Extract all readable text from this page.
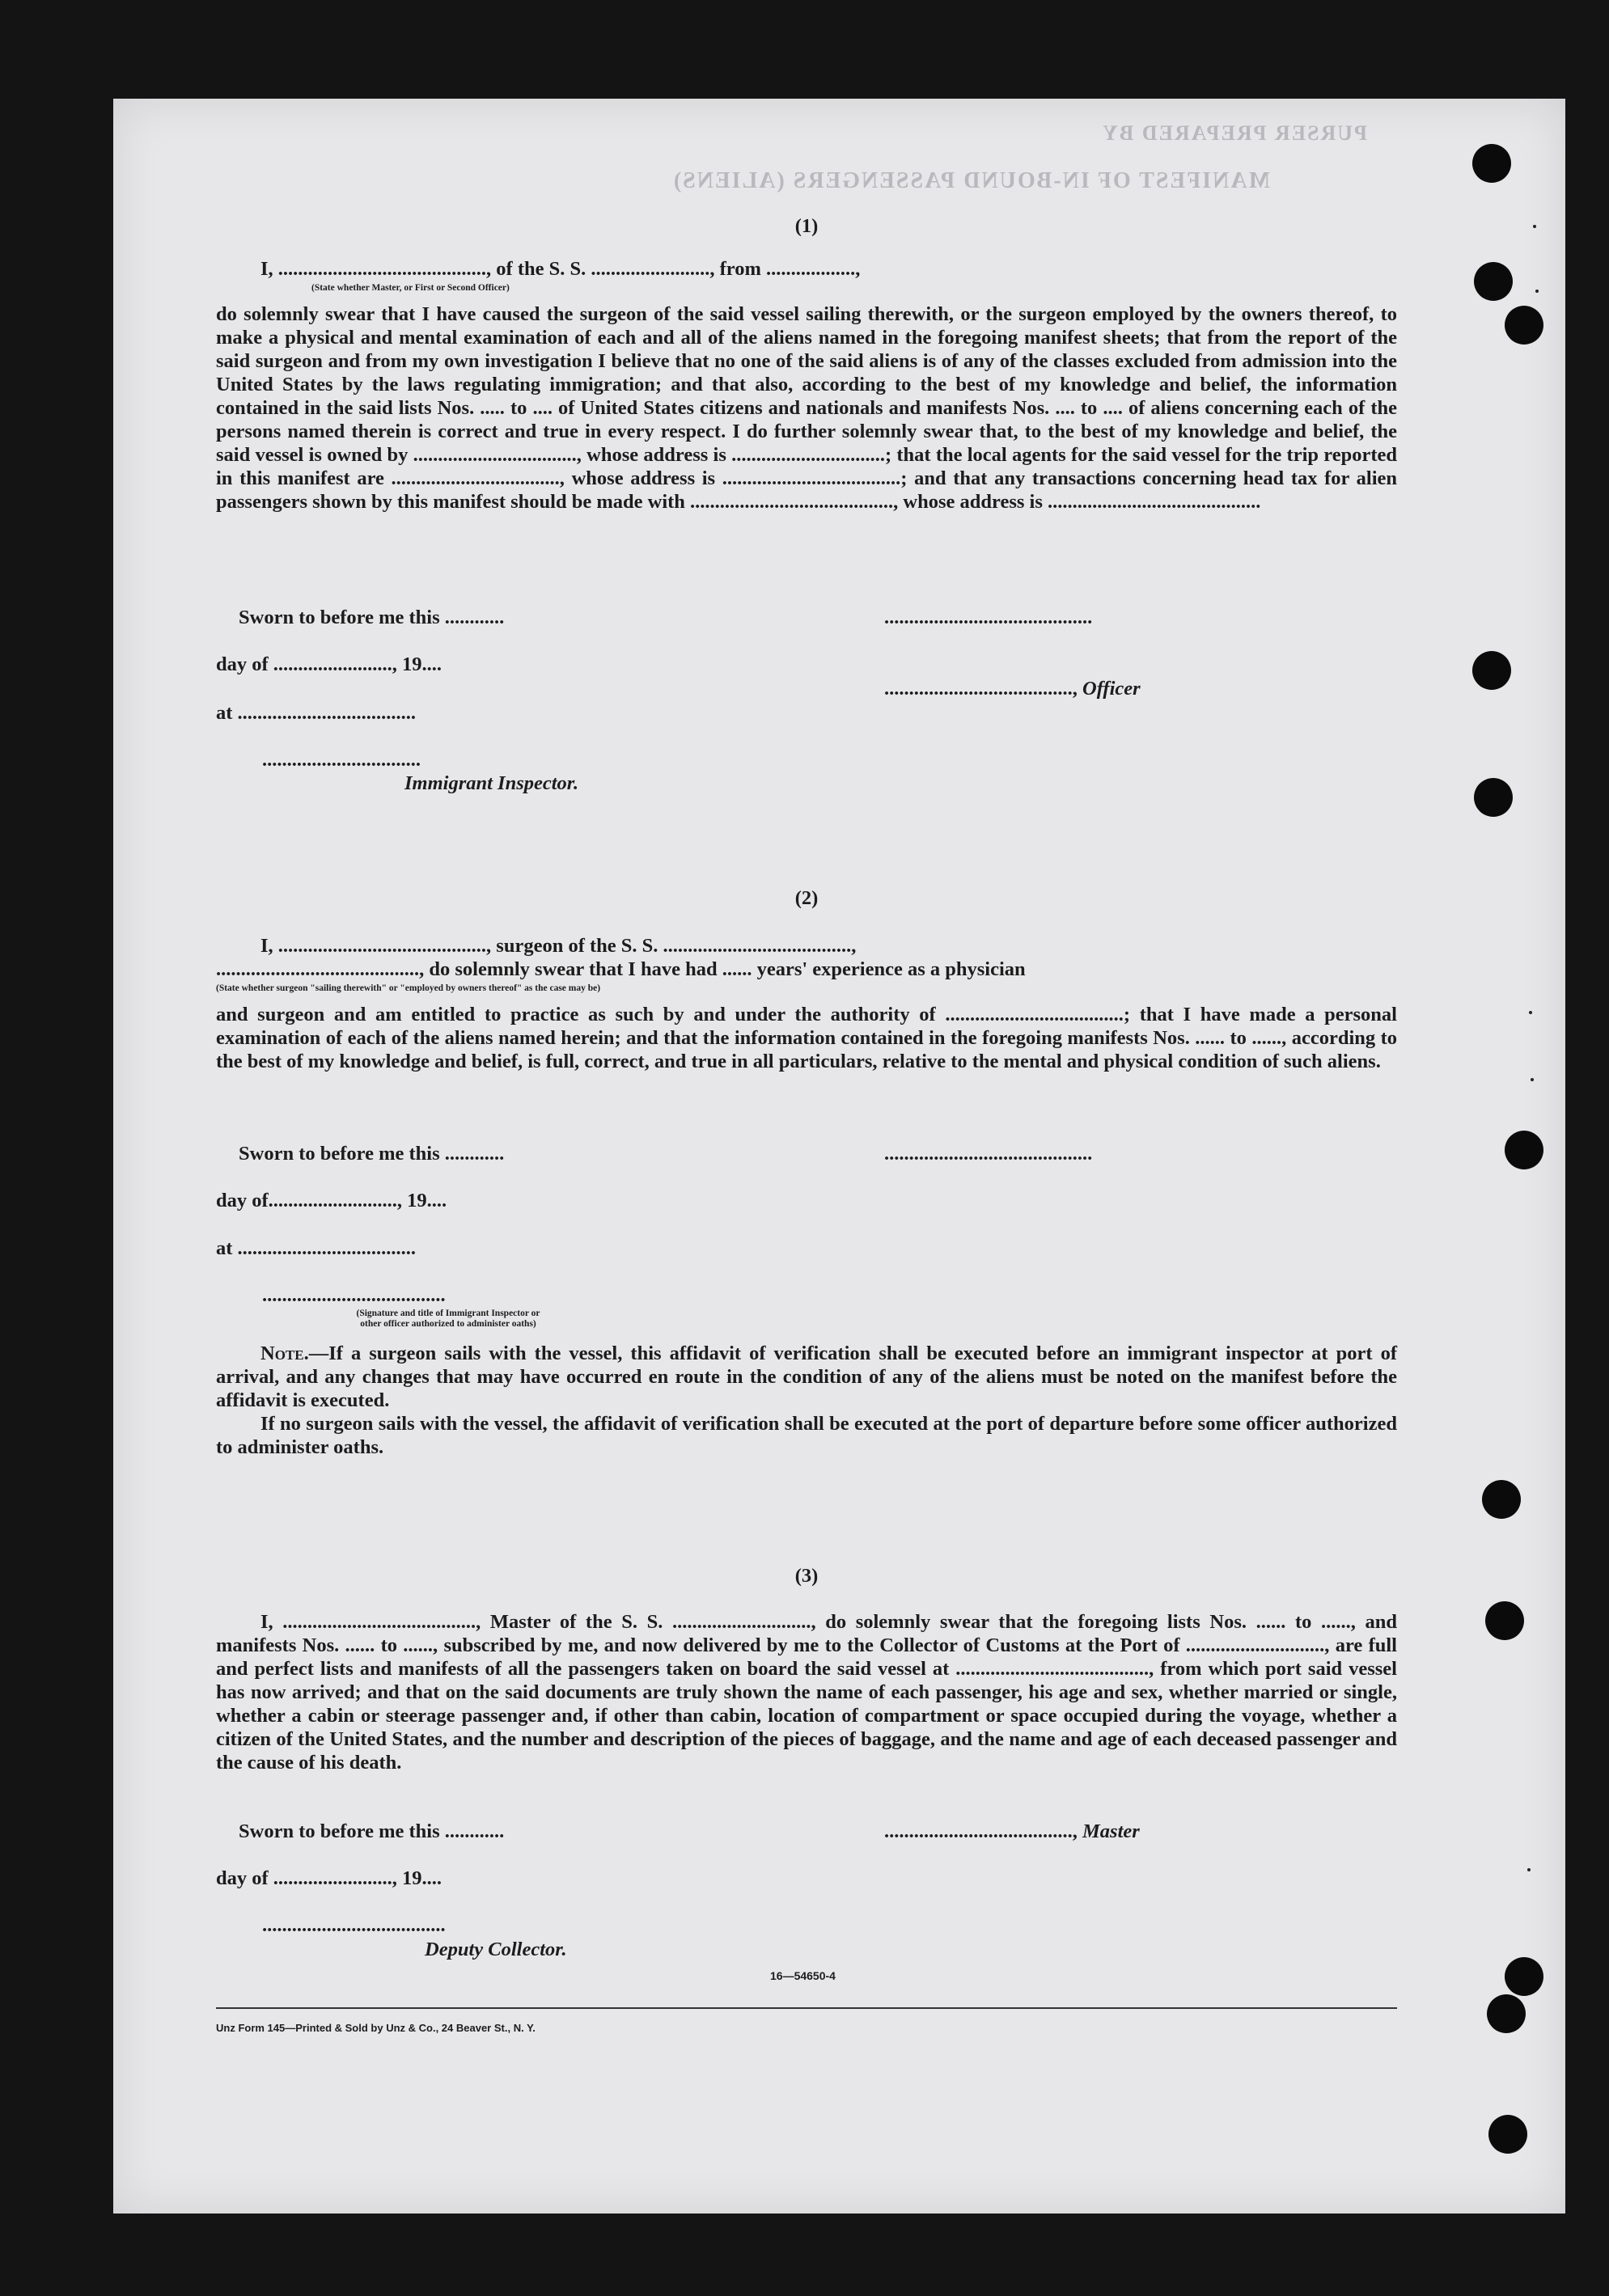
PURSER PREPARED BY
MANIFEST OF IN-BOUND PASSENGERS (ALIENS)
(1)
I, .........................................., of the S. S. ........................, from ..................,
(State whether Master, or First or Second Officer)
do solemnly swear that I have caused the surgeon of the said vessel sailing therewith, or the surgeon employed by the owners thereof, to make a physical and mental examination of each and all of the aliens named in the foregoing manifest sheets; that from the report of the said surgeon and from my own investigation I believe that no one of the said aliens is of any of the classes excluded from admission into the United States by the laws regulating immigration; and that also, according to the best of my knowledge and belief, the information contained in the said lists Nos. ..... to .... of United States citizens and nationals and manifests Nos. .... to .... of aliens concerning each of the persons named therein is correct and true in every respect. I do further solemnly swear that, to the best of my knowledge and belief, the said vessel is owned by ................................., whose address is ...............................; that the local agents for the said vessel for the trip reported in this manifest are .................................., whose address is ....................................; and that any transactions concerning head tax for alien passengers shown by this manifest should be made with ........................................., whose address is ...........................................
Sworn to before me this ............	..........................................
day of ........................, 19....
......................................, Officer
at ....................................
................................
Immigrant Inspector.
(2)
I, .........................................., surgeon of the S. S. ......................................,
........................................., do solemnly swear that I have had ...... years' experience as a physician
(State whether surgeon "sailing therewith" or "employed by owners thereof" as the case may be)
and surgeon and am entitled to practice as such by and under the authority of ....................................; that I have made a personal examination of each of the aliens named herein; and that the information contained in the foregoing manifests Nos. ...... to ......, according to the best of my knowledge and belief, is full, correct, and true in all particulars, relative to the mental and physical condition of such aliens.
Sworn to before me this ............	..........................................
day of.........................., 19....
at ....................................
.....................................
(Signature and title of Immigrant Inspector or
other officer authorized to administer oaths)
Note.—If a surgeon sails with the vessel, this affidavit of verification shall be executed before an immigrant inspector at port of arrival, and any changes that may have occurred en route in the condition of any of the aliens must be noted on the manifest before the affidavit is executed.
If no surgeon sails with the vessel, the affidavit of verification shall be executed at the port of departure before some officer authorized to administer oaths.
(3)
I, ......................................., Master of the S. S. ............................, do solemnly swear that the foregoing lists Nos. ...... to ......, and manifests Nos. ...... to ......, subscribed by me, and now delivered by me to the Collector of Customs at the Port of ............................, are full and perfect lists and manifests of all the passengers taken on board the said vessel at ......................................., from which port said vessel has now arrived; and that on the said documents are truly shown the name of each passenger, his age and sex, whether married or single, whether a cabin or steerage passenger and, if other than cabin, location of compartment or space occupied during the voyage, whether a citizen of the United States, and the number and description of the pieces of baggage, and the name and age of each deceased passenger and the cause of his death.
Sworn to before me this ............	......................................, Master
day of ........................, 19....
.....................................
Deputy Collector.
16—54650-4
Unz Form 145—Printed & Sold by Unz & Co., 24 Beaver St., N. Y.
